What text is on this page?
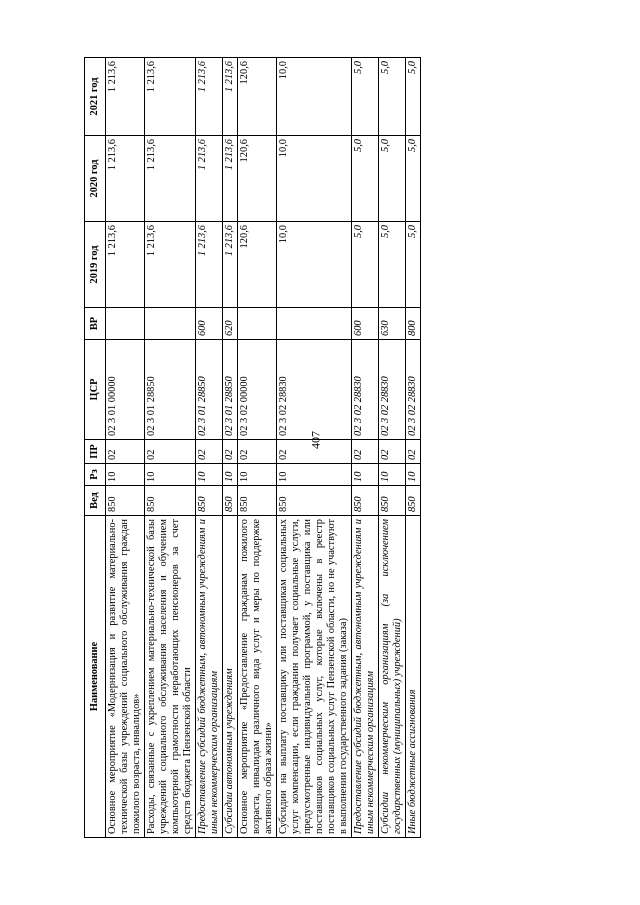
407
Наименование	Вед	Рз	ПР	ЦСР	ВР	2019 год	2020 год	2021 год
Основное мероприятие «Модернизация и развитие материально-технической базы учреждений социального обслуживания граждан пожилого возраста, инвалидов»	850	10	02	02 3 01 00000		1 213,6	1 213,6	1 213,6
Расходы, связанные с укреплением материально-технической базы учреждений социального обслуживания населения и обучением компьютерной грамотности неработающих пенсионеров за счет средств бюджета Пензенской области	850	10	02	02 3 01 28850		1 213,6	1 213,6	1 213,6
Предоставление субсидий бюджетным, автономным учреждениям и иным некоммерческим организациям	850	10	02	02 3 01 28850	600	1 213,6	1 213,6	1 213,6
Субсидии автономным учреждениям	850	10	02	02 3 01 28850	620	1 213,6	1 213,6	1 213,6
Основное мероприятие «Предоставление гражданам пожилого возраста, инвалидам различного вида услуг и меры по поддержке активного образа жизни»	850	10	02	02 3 02 00000		120,6	120,6	120,6
Субсидии на выплату поставщику или поставщикам социальных услуг компенсации, если гражданин получает социальные услуги, предусмотренные индивидуальной программой, у поставщика или поставщиков социальных услуг, которые включены в реестр поставщиков социальных услуг Пензенской области, но не участвуют в выполнении государственного задания (заказа)	850	10	02	02 3 02 28830		10,0	10,0	10,0
Предоставление субсидий бюджетным, автономным учреждениям и иным некоммерческим организациям	850	10	02	02 3 02 28830	600	5,0	5,0	5,0
Субсидии некоммерческим организациям (за исключением государственных (муниципальных) учреждений)	850	10	02	02 3 02 28830	630	5,0	5,0	5,0
Иные бюджетные ассигнования	850	10	02	02 3 02 28830	800	5,0	5,0	5,0
